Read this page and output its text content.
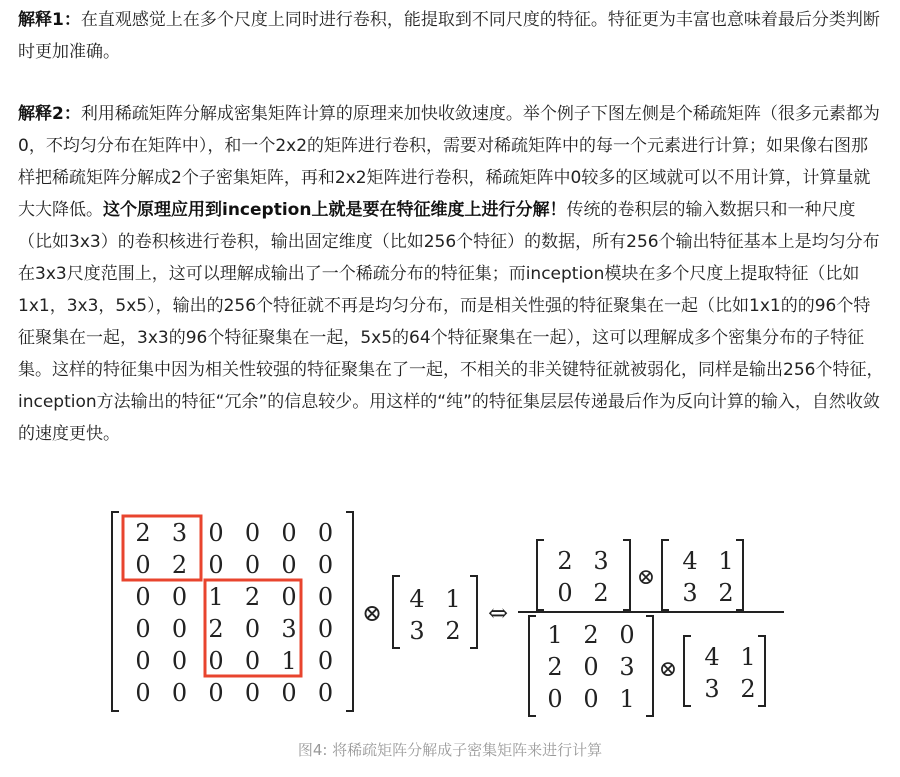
解释1：在直观感觉上在多个尺度上同时进行卷积，能提取到不同尺度的特征。特征更为丰富也意味着最后分类判断时更加准确。
解释2：利用稀疏矩阵分解成密集矩阵计算的原理来加快收敛速度。举个例子下图左侧是个稀疏矩阵（很多元素都为0，不均匀分布在矩阵中），和一个2x2的矩阵进行卷积，需要对稀疏矩阵中的每一个元素进行计算；如果像右图那样把稀疏矩阵分解成2个子密集矩阵，再和2x2矩阵进行卷积，稀疏矩阵中0较多的区域就可以不用计算，计算量就大大降低。这个原理应用到inception上就是要在特征维度上进行分解！传统的卷积层的输入数据只和一种尺度（比如3x3）的卷积核进行卷积，输出固定维度（比如256个特征）的数据，所有256个输出特征基本上是均匀分布在3x3尺度范围上，这可以理解成输出了一个稀疏分布的特征集；而inception模块在多个尺度上提取特征（比如1x1，3x3，5x5），输出的256个特征就不再是均匀分布，而是相关性强的特征聚集在一起（比如1x1的的96个特征聚集在一起，3x3的96个特征聚集在一起，5x5的64个特征聚集在一起），这可以理解成多个密集分布的子特征集。这样的特征集中因为相关性较强的特征聚集在了一起，不相关的非关键特征就被弱化，同样是输出256个特征，inception方法输出的特征“冗余”的信息较少。用这样的“纯”的特征集层层传递最后作为反向计算的输入，自然收敛的速度更快。
2 3 0 0 0 0
0 2 0 0 0 0
0 0 1 2 0 0
0 0 2 0 3 0
0 0 0 0 1 0
0 0 0 0 0 0
4 1
3 2
2 3
0 2
4 1
3 2
1 2 0
2 0 3
0 0 1
4 1
3 2
⊗	⇔
⊗
⊗
图4: 将稀疏矩阵分解成子密集矩阵来进行计算
